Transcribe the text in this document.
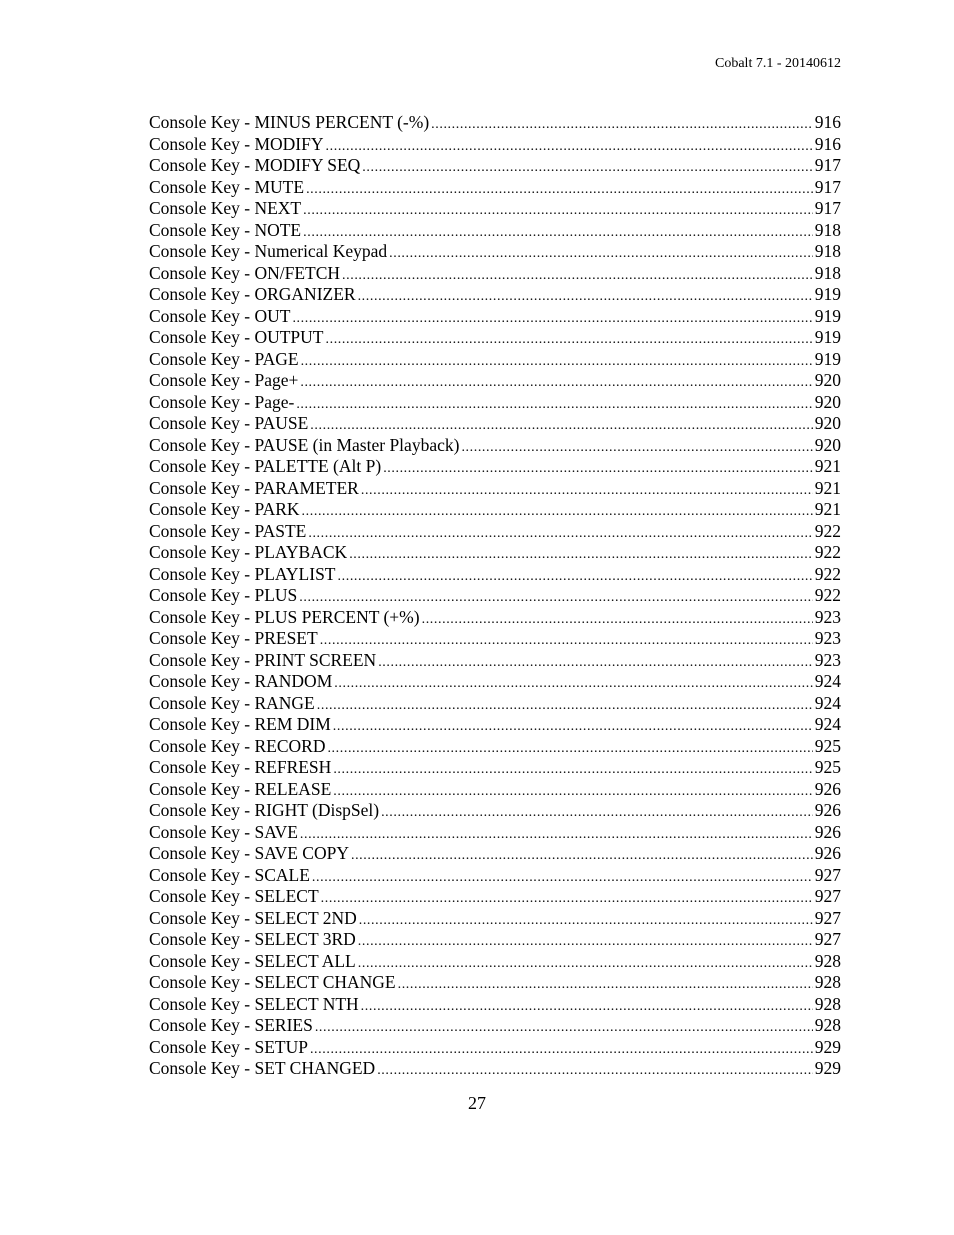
Cobalt 7.1 - 20140612
Console Key - MINUS PERCENT (-%) .....	916
Console Key - MODIFY .....	916
Console Key - MODIFY SEQ .....	917
Console Key - MUTE .....	917
Console Key - NEXT .....	917
Console Key - NOTE .....	918
Console Key - Numerical Keypad .....	918
Console Key - ON/FETCH .....	918
Console Key - ORGANIZER .....	919
Console Key - OUT .....	919
Console Key - OUTPUT .....	919
Console Key - PAGE .....	919
Console Key - Page+ .....	920
Console Key - Page- .....	920
Console Key - PAUSE .....	920
Console Key - PAUSE (in Master Playback) .....	920
Console Key - PALETTE (Alt P) .....	921
Console Key - PARAMETER .....	921
Console Key - PARK .....	921
Console Key - PASTE .....	922
Console Key - PLAYBACK .....	922
Console Key - PLAYLIST .....	922
Console Key - PLUS .....	922
Console Key - PLUS PERCENT (+%) .....	923
Console Key - PRESET .....	923
Console Key - PRINT SCREEN .....	923
Console Key - RANDOM .....	924
Console Key - RANGE .....	924
Console Key - REM DIM .....	924
Console Key - RECORD .....	925
Console Key - REFRESH .....	925
Console Key - RELEASE .....	926
Console Key - RIGHT (DispSel) .....	926
Console Key - SAVE .....	926
Console Key - SAVE COPY .....	926
Console Key - SCALE .....	927
Console Key - SELECT .....	927
Console Key - SELECT 2ND .....	927
Console Key - SELECT 3RD .....	927
Console Key - SELECT ALL .....	928
Console Key - SELECT CHANGE .....	928
Console Key - SELECT NTH .....	928
Console Key - SERIES .....	928
Console Key - SETUP .....	929
Console Key - SET CHANGED .....	929
27
